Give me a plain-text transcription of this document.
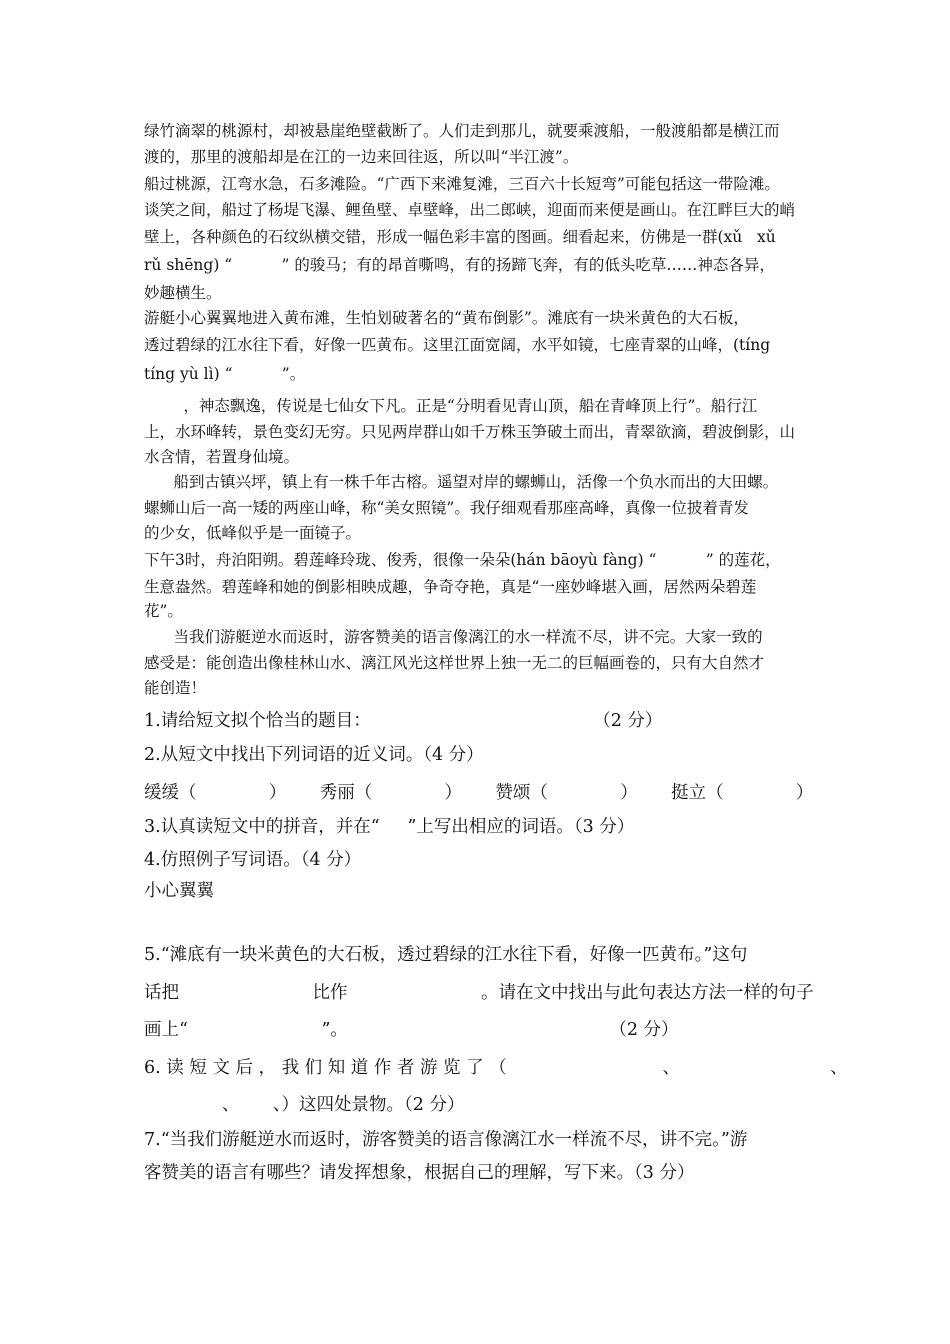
绿竹滴翠的桃源村，却被悬崖绝壁截断了。人们走到那儿，就要乘渡船，一般渡船都是横江而
渡的，那里的渡船却是在江的一边来回往返，所以叫“半江渡”。
船过桃源，江弯水急，石多滩险。“广西下来滩复滩，三百六十长短弯”可能包括这一带险滩。
谈笑之间，船过了杨堤飞瀑、鲤鱼壁、卓壁峰，出二郎峡，迎面而来便是画山。在江畔巨大的峭
壁上，各种颜色的石纹纵横交错，形成一幅色彩丰富的图画。细看起来，仿佛是一群(xǔ   xǔ
rǔ shēng) “          ” 的骏马；有的昂首嘶鸣，有的扬蹄飞奔，有的低头吃草……神态各异，
妙趣横生。
游艇小心翼翼地进入黄布滩，生怕划破著名的“黄布倒影”。滩底有一块米黄色的大石板，
透过碧绿的江水往下看，好像一匹黄布。这里江面宽阔，水平如镜，七座青翠的山峰，(tíng
tíng yù lì) “          ”。
，神态飘逸，传说是七仙女下凡。正是“分明看见青山顶，船在青峰顶上行”。船行江
上，水环峰转，景色变幻无穷。只见两岸群山如千万株玉笋破土而出，青翠欲滴，碧波倒影，山
水含情，若置身仙境。
船到古镇兴坪，镇上有一株千年古榕。遥望对岸的螺蛳山，活像一个负水而出的大田螺。
螺蛳山后一高一矮的两座山峰，称“美女照镜”。我仔细观看那座高峰，真像一位披着青发
的少女，低峰似乎是一面镜子。
下午3时，舟泊阳朔。碧莲峰玲珑、俊秀，很像一朵朵(hán bāoyù fàng) “          ” 的莲花，
生意盎然。碧莲峰和她的倒影相映成趣，争奇夺艳，真是“一座妙峰堪入画，居然两朵碧莲
花”。
当我们游艇逆水而返时，游客赞美的语言像漓江的水一样流不尽，讲不完。大家一致的
感受是：能创造出像桂林山水、漓江风光这样世界上独一无二的巨幅画卷的，只有大自然才
能创造！
1.请给短文拟个恰当的题目：                                        （2 分）
2.从短文中找出下列词语的近义词。（4 分）
缓缓（             ）      秀丽（             ）      赞颂（             ）      挺立（             ）
3.认真读短文中的拼音，并在“     ”上写出相应的词语。（3 分）
4.仿照例子写词语。（4 分）
小心翼翼
5.“滩底有一块米黄色的大石板，透过碧绿的江水往下看，好像一匹黄布。”这句
话把                        比作                        。请在文中找出与此句表达方法一样的句子
画上“                        ”。                                               （2 分）
6. 读 短 文 后 ， 我 们 知 道 作 者 游 览 了 （                            、                           、
、      、）这四处景物。（2 分）
7.“当我们游艇逆水而返时，游客赞美的语言像漓江水一样流不尽，讲不完。”游
客赞美的语言有哪些？请发挥想象，根据自己的理解，写下来。（3 分）
